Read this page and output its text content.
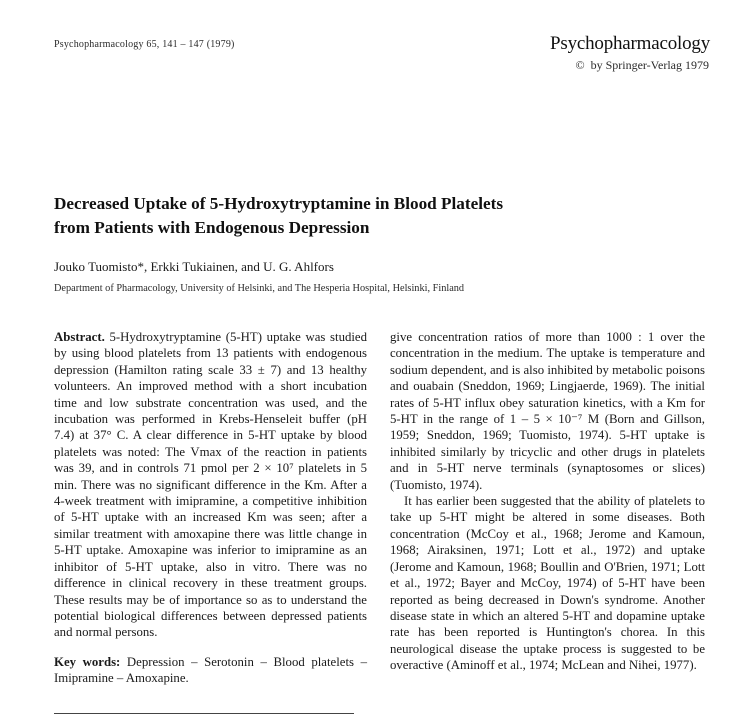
Psychopharmacology 65, 141 – 147 (1979)	Psychopharmacology
© by Springer-Verlag 1979
Decreased Uptake of 5-Hydroxytryptamine in Blood Platelets
from Patients with Endogenous Depression
Jouko Tuomisto*, Erkki Tukiainen, and U. G. Ahlfors
Department of Pharmacology, University of Helsinki, and The Hesperia Hospital, Helsinki, Finland

Abstract. 5-Hydroxytryptamine (5-HT) uptake was studied by using blood platelets from 13 patients with endogenous depression (Hamilton rating scale 33 ± 7) and 13 healthy volunteers. An improved method with a short incubation time and low substrate concentration was used, and the incubation was performed in Krebs-Henseleit buffer (pH 7.4) at 37° C. A clear difference in 5-HT uptake by blood platelets was noted: The Vmax of the reaction in patients was 39, and in controls 71 pmol per 2 × 10⁷ platelets in 5 min. There was no significant difference in the Km. After a 4-week treatment with imipramine, a competitive inhibition of 5-HT uptake with an increased Km was seen; after a similar treatment with amoxapine there was little change in 5-HT uptake. Amoxapine was inferior to imipramine as an inhibitor of 5-HT uptake, also in vitro. There was no difference in clinical recovery in these treatment groups. These results may be of importance so as to understand the potential biological differences between depressed patients and normal persons.

Key words: Depression – Serotonin – Blood platelets – Imipramine – Amoxapine.

give concentration ratios of more than 1000 : 1 over the concentration in the medium. The uptake is temperature and sodium dependent, and is also inhibited by metabolic poisons and ouabain (Sneddon, 1969; Lingjaerde, 1969). The initial rates of 5-HT influx obey saturation kinetics, with a Km for 5-HT in the range of 1 – 5 × 10⁻⁷ M (Born and Gillson, 1959; Sneddon, 1969; Tuomisto, 1974). 5-HT uptake is inhibited similarly by tricyclic and other drugs in platelets and in 5-HT nerve terminals (synaptosomes or slices) (Tuomisto, 1974).

It has earlier been suggested that the ability of platelets to take up 5-HT might be altered in some diseases. Both concentration (McCoy et al., 1968; Jerome and Kamoun, 1968; Airaksinen, 1971; Lott et al., 1972) and uptake (Jerome and Kamoun, 1968; Boullin and O'Brien, 1971; Lott et al., 1972; Bayer and McCoy, 1974) of 5-HT have been reported as being decreased in Down's syndrome. Another disease state in which an altered 5-HT and dopamine uptake rate has been reported is Huntington's chorea. In this neurological disease the uptake process is suggested to be overactive (Aminoff et al., 1974; McLean and Nihei, 1977).
